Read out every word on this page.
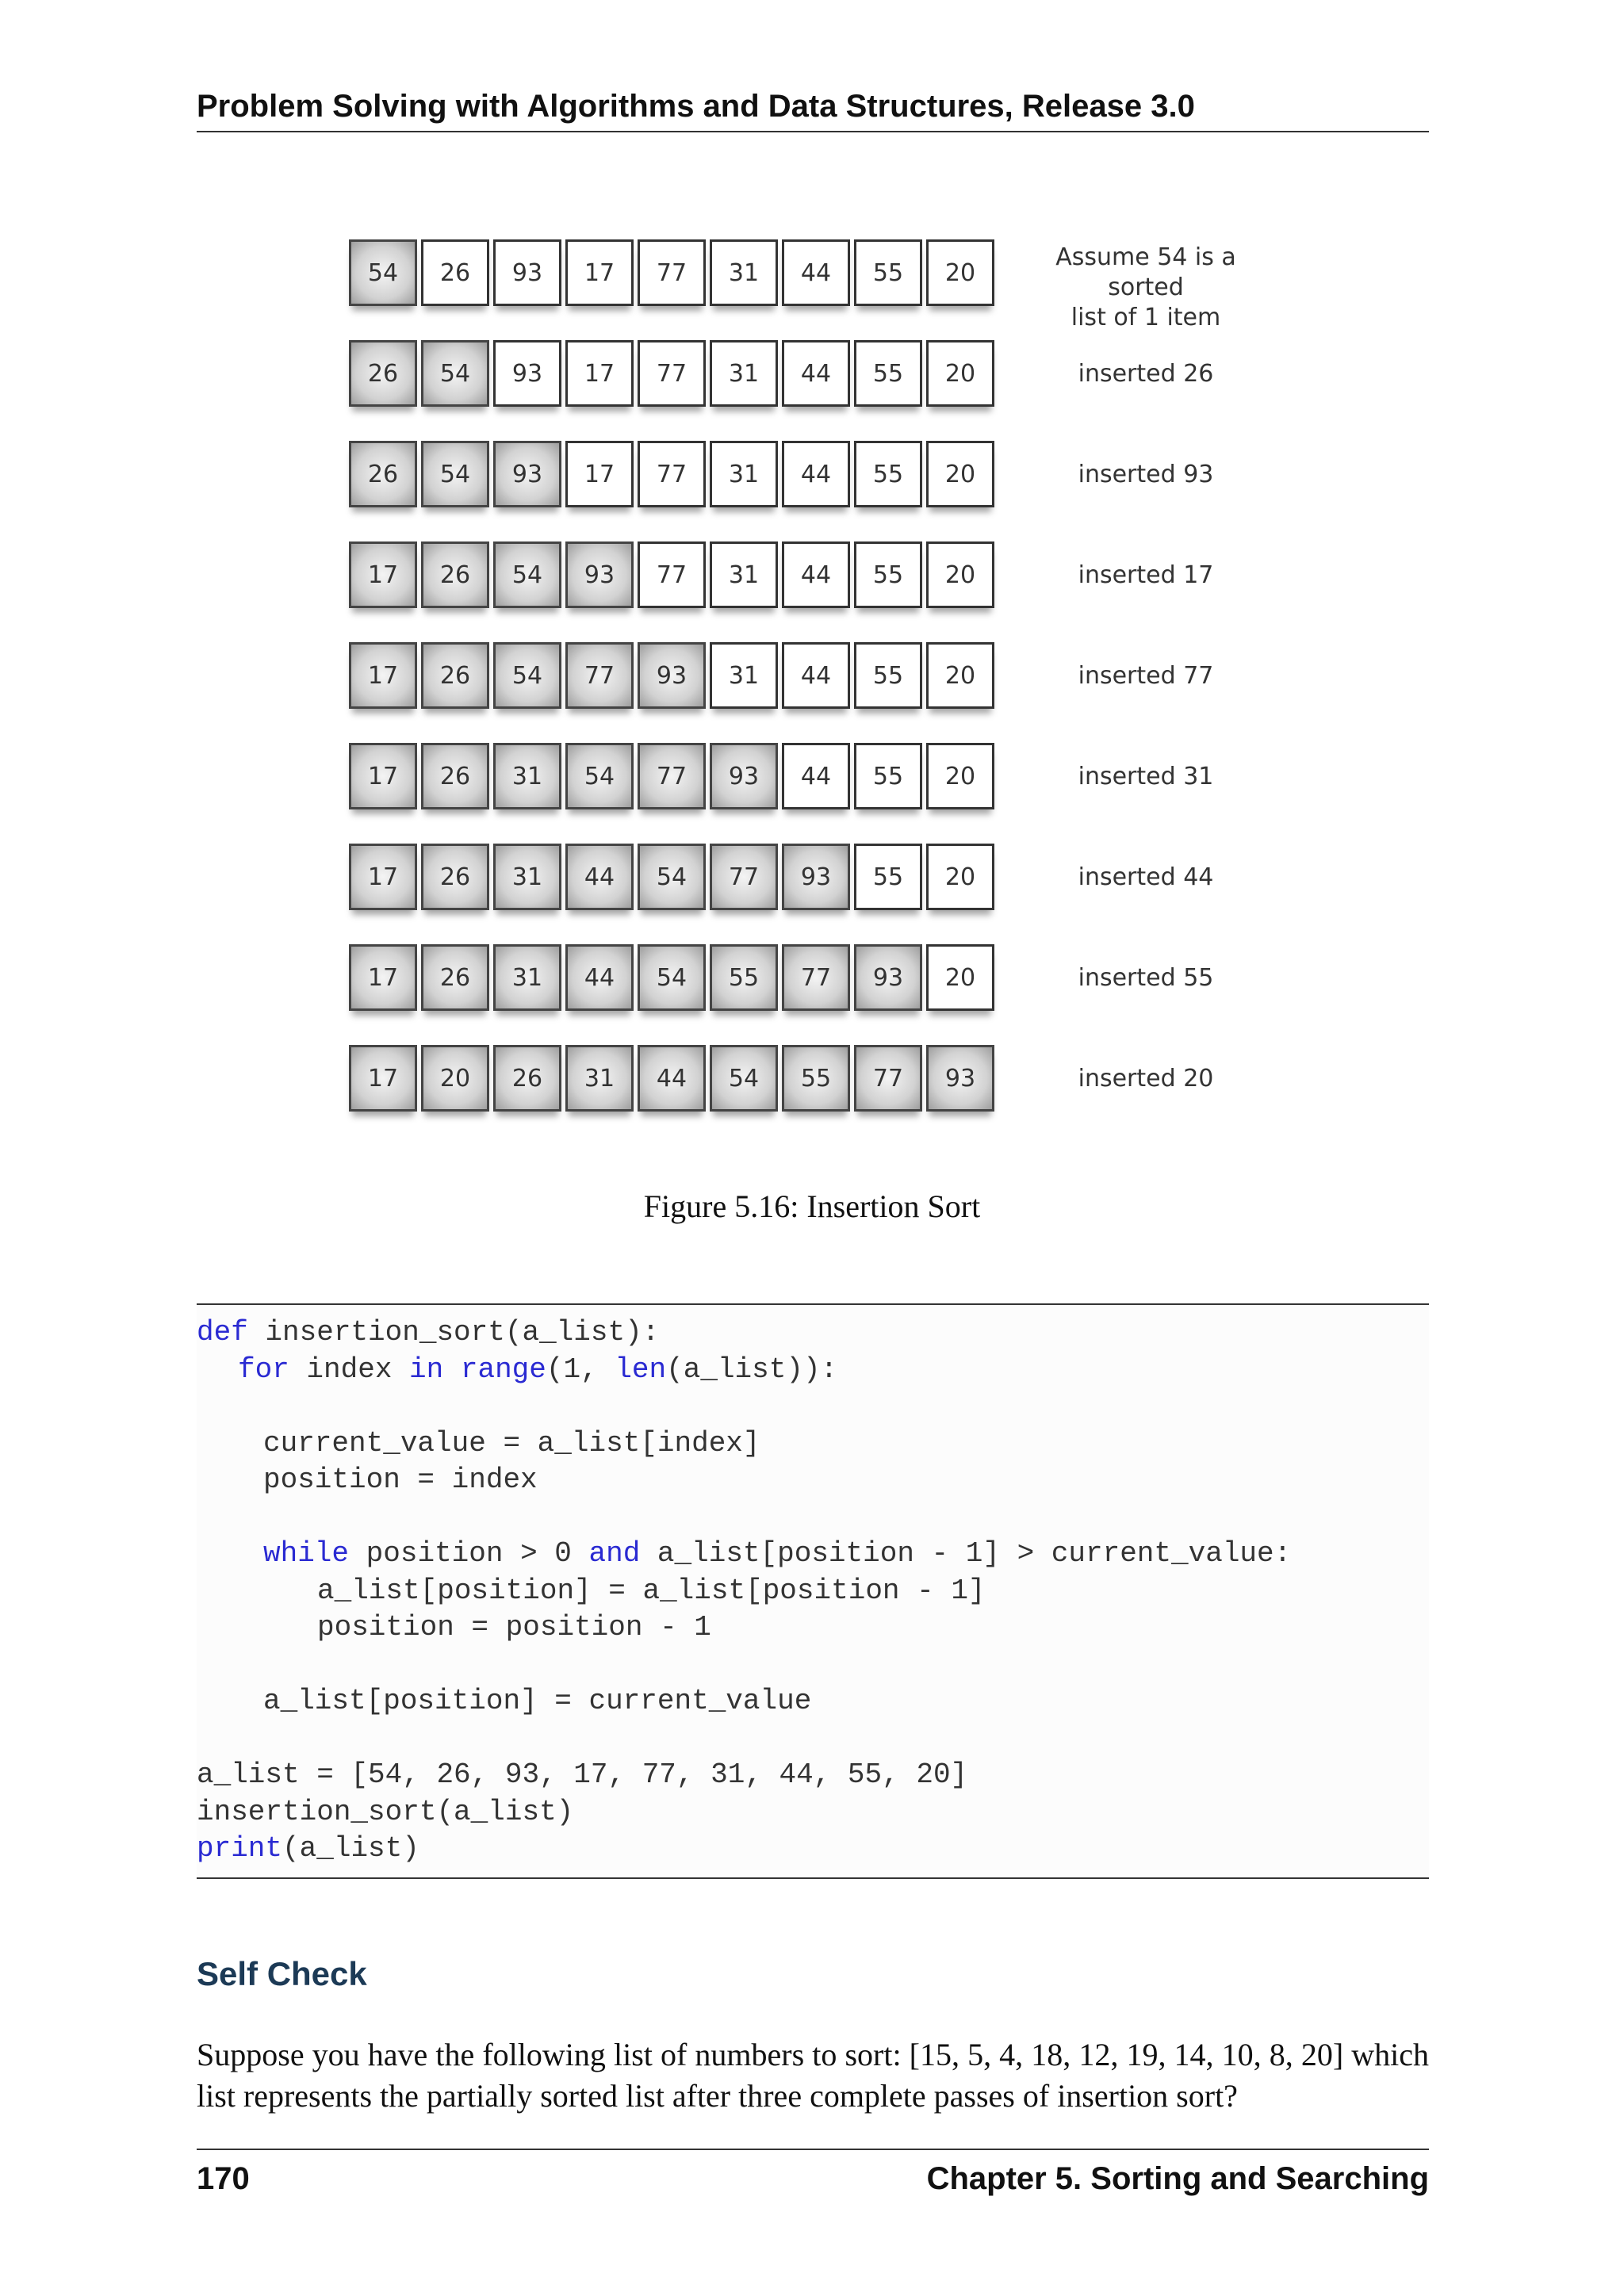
Problem Solving with Algorithms and Data Structures, Release 3.0
54	26	93	17	77	31	44	55	20
Assume 54 is a sorted
list of 1 item
26	54	93	17	77	31	44	55	20	inserted 26
26	54	93	17	77	31	44	55	20	inserted 93
17	26	54	93	77	31	44	55	20	inserted 17
17	26	54	77	93	31	44	55	20	inserted 77
17	26	31	54	77	93	44	55	20	inserted 31
17	26	31	44	54	77	93	55	20	inserted 44
17	26	31	44	54	55	77	93	20	inserted 55
17	20	26	31	44	54	55	77	93	inserted 20
Figure 5.16: Insertion Sort
def insertion_sort(a_list):
for index in range(1, len(a_list)):
current_value = a_list[index]
position = index
while position > 0 and a_list[position - 1] > current_value:
a_list[position] = a_list[position - 1]
position = position - 1
a_list[position] = current_value
a_list = [54, 26, 93, 17, 77, 31, 44, 55, 20]
insertion_sort(a_list)
print(a_list)
Self Check
Suppose you have the following list of numbers to sort: [15, 5, 4, 18, 12, 19, 14, 10, 8, 20] which list represents the partially sorted list after three complete passes of insertion sort?
170	Chapter 5. Sorting and Searching
